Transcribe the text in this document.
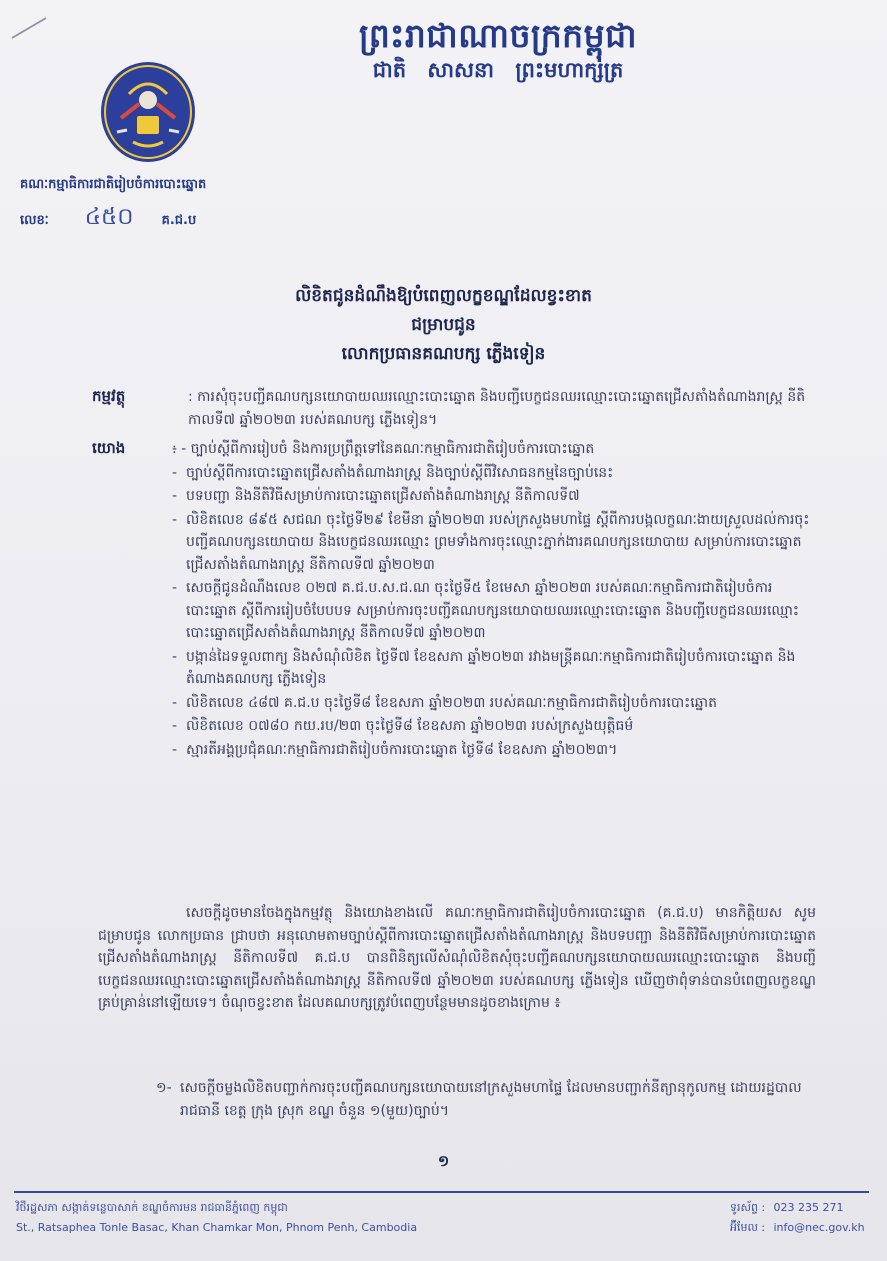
ព្រះរាជាណាចក្រកម្ពុជា
ជាតិ សាសនា ព្រះមហាក្សត្រ
គណៈកម្មាធិការជាតិរៀបចំការបោះឆ្នោត
លេខៈ ៤៥០ គ.ជ.ប
លិខិតជូនដំណឹងឱ្យបំពេញលក្ខខណ្ឌដែលខ្វះខាត
ជម្រាបជូន
លោកប្រធានគណបក្ស ភ្លើងទៀន
កម្មវត្ថុ	: ការសុំចុះបញ្ជីគណបក្សនយោបាយឈរឈ្មោះបោះឆ្នោត និងបញ្ជីបេក្ខជនឈរឈ្មោះបោះឆ្នោតជ្រើសតាំងតំណាងរាស្ត្រ នីតិកាលទី៧ ឆ្នាំ២០២៣ របស់គណបក្ស ភ្លើងទៀន។
យោង
-	: - ច្បាប់ស្តីពីការរៀបចំ និងការប្រព្រឹត្តទៅនៃគណៈកម្មាធិការជាតិរៀបចំការបោះឆ្នោត
- ច្បាប់ស្តីពីការបោះឆ្នោតជ្រើសតាំងតំណាងរាស្ត្រ និងច្បាប់ស្តីពីវិសោធនកម្មនៃច្បាប់នេះ
- បទបញ្ជា និងនីតិវិធីសម្រាប់ការបោះឆ្នោតជ្រើសតាំងតំណាងរាស្ត្រ នីតិកាលទី៧
- លិខិតលេខ ៨៩៥ សជណ ចុះថ្ងៃទី២៩ ខែមីនា ឆ្នាំ២០២៣ របស់ក្រសួងមហាផ្ទៃ ស្តីពីការបង្កលក្ខណៈងាយស្រួលដល់ការចុះបញ្ជីគណបក្សនយោបាយ និងបេក្ខជនឈរឈ្មោះ ព្រមទាំងការចុះឈ្មោះភ្នាក់ងារគណបក្សនយោបាយ សម្រាប់ការបោះឆ្នោតជ្រើសតាំងតំណាងរាស្ត្រ នីតិកាលទី៧ ឆ្នាំ២០២៣
- សេចក្តីជូនដំណឹងលេខ ០២៧ គ.ជ.ប.ស.ជ.ណ ចុះថ្ងៃទី៥ ខែមេសា ឆ្នាំ២០២៣ របស់គណៈកម្មាធិការជាតិរៀបចំការបោះឆ្នោត ស្តីពីការរៀបចំបែបបទ សម្រាប់ការចុះបញ្ជីគណបក្សនយោបាយឈរឈ្មោះបោះឆ្នោត និងបញ្ជីបេក្ខជនឈរឈ្មោះបោះឆ្នោតជ្រើសតាំងតំណាងរាស្ត្រ នីតិកាលទី៧ ឆ្នាំ២០២៣
- បង្កាន់ដៃទទួលពាក្យ និងសំណុំលិខិត ថ្ងៃទី៧ ខែឧសភា ឆ្នាំ២០២៣ រវាងមន្ត្រីគណៈកម្មាធិការជាតិរៀបចំការបោះឆ្នោត និងតំណាងគណបក្ស ភ្លើងទៀន
- លិខិតលេខ ៤៨៧ គ.ជ.ប ចុះថ្ងៃទី៨ ខែឧសភា ឆ្នាំ២០២៣ របស់គណៈកម្មាធិការជាតិរៀបចំការបោះឆ្នោត
- លិខិតលេខ ០៧៨០ កយ.រប/២៣ ចុះថ្ងៃទី៨ ខែឧសភា ឆ្នាំ២០២៣ របស់ក្រសួងយុត្តិធម៌
- ស្មារតីអង្គប្រជុំគណៈកម្មាធិការជាតិរៀបចំការបោះឆ្នោត ថ្ងៃទី៨ ខែឧសភា ឆ្នាំ២០២៣។
សេចក្តីដូចមានចែងក្នុងកម្មវត្ថុ និងយោងខាងលើ គណៈកម្មាធិការជាតិរៀបចំការបោះឆ្នោត (គ.ជ.ប) មានកិត្តិយស សូមជម្រាបជូន លោកប្រធាន ជ្រាបថា អនុលោមតាមច្បាប់ស្តីពីការបោះឆ្នោតជ្រើសតាំងតំណាងរាស្ត្រ និងបទបញ្ជា និងនីតិវិធីសម្រាប់ការបោះឆ្នោតជ្រើសតាំងតំណាងរាស្ត្រ នីតិកាលទី៧ គ.ជ.ប បានពិនិត្យលើសំណុំលិខិតសុំចុះបញ្ជីគណបក្សនយោបាយឈរឈ្មោះបោះឆ្នោត និងបញ្ជីបេក្ខជនឈរឈ្មោះបោះឆ្នោតជ្រើសតាំងតំណាងរាស្ត្រ នីតិកាលទី៧ ឆ្នាំ២០២៣ របស់គណបក្ស ភ្លើងទៀន ឃើញថាពុំទាន់បានបំពេញលក្ខខណ្ឌគ្រប់គ្រាន់នៅឡើយទេ។ ចំណុចខ្វះខាត ដែលគណបក្សត្រូវបំពេញបន្ថែមមានដូចខាងក្រោម ៖
១- សេចក្តីចម្លងលិខិតបញ្ជាក់ការចុះបញ្ជីគណបក្សនយោបាយនៅក្រសួងមហាផ្ទៃ ដែលមានបញ្ជាក់នីត្យានុកូលកម្ម ដោយរដ្ឋបាលរាជធានី ខេត្ត ក្រុង ស្រុក ខណ្ឌ ចំនួន ១(មួយ)ច្បាប់។
១
វិថីរដ្ឋសភា សង្កាត់ទន្លេបាសាក់ ខណ្ឌចំការមន រាជធានីភ្នំពេញ កម្ពុជា
St., Ratsaphea Tonle Basac, Khan Chamkar Mon, Phnom Penh, Cambodia
ទូរស័ព្ទ : 023 235 271
អ៊ីមែល : info@nec.gov.kh
